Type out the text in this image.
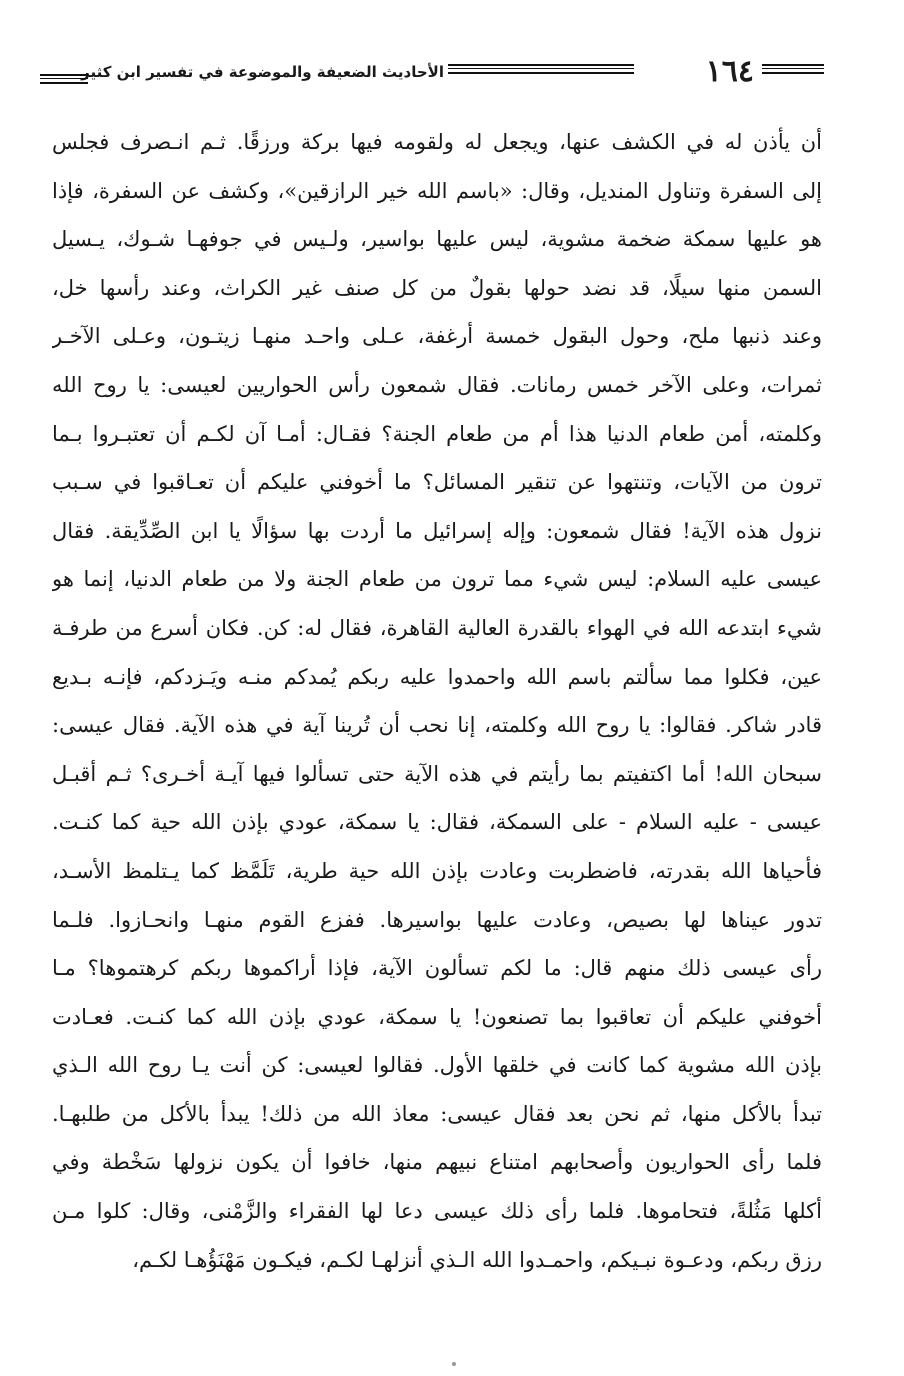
١٦٤
الأحاديث الضعيفة والموضوعة في تفسير ابن كثير
أن يأذن له في الكشف عنها، ويجعل له ولقومه فيها بركة ورزقًا. ثـم انـصرف فجلس
إلى السفرة وتناول المنديل، وقال: «باسم الله خير الرازقين»، وكشف عن السفرة، فإذا
هو عليها سمكة ضخمة مشوية، ليس عليها بواسير، ولـيس في جوفهـا شـوك، يـسيل
السمن منها سيلًا، قد نضد حولها بقولٌ من كل صنف غير الكراث، وعند رأسها خل،
وعند ذنبها ملح، وحول البقول خمسة أرغفة، عـلى واحـد منهـا زيتـون، وعـلى الآخـر
ثمرات، وعلى الآخر خمس رمانات. فقال شمعون رأس الحواريين لعيسى: يا روح الله
وكلمته، أمن طعام الدنيا هذا أم من طعام الجنة؟ فقـال: أمـا آن لكـم أن تعتبـروا بـما
ترون من الآيات، وتنتهوا عن تنقير المسائل؟ ما أخوفني عليكم أن تعـاقبوا في سـبب
نزول هذه الآية! فقال شمعون: وإله إسرائيل ما أردت بها سؤالًا يا ابن الصِّدِّيقة. فقال
عيسى عليه السلام: ليس شيء مما ترون من طعام الجنة ولا من طعام الدنيا، إنما هو
شيء ابتدعه الله في الهواء بالقدرة العالية القاهرة، فقال له: كن. فكان أسرع من طرفـة
عين، فكلوا مما سألتم باسم الله واحمدوا عليه ربكم يُمدكم منـه ويَـزدكم، فإنـه بـديع
قادر شاكر. فقالوا: يا روح الله وكلمته، إنا نحب أن تُرينا آية في هذه الآية. فقال عيسى:
سبحان الله! أما اكتفيتم بما رأيتم في هذه الآية حتى تسألوا فيها آيـة أخـرى؟ ثـم أقبـل
عيسى - عليه السلام - على السمكة، فقال: يا سمكة، عودي بإذن الله حية كما كنـت.
فأحياها الله بقدرته، فاضطربت وعادت بإذن الله حية طرية، تَلَمَّظ كما يـتلمظ الأسـد،
تدور عيناها لها بصيص، وعادت عليها بواسيرها. ففزع القوم منهـا وانحـازوا. فلـما
رأى عيسى ذلك منهم قال: ما لكم تسألون الآية، فإذا أراكموها ربكم كرهتموها؟ مـا
أخوفني عليكم أن تعاقبوا بما تصنعون! يا سمكة، عودي بإذن الله كما كنـت. فعـادت
بإذن الله مشوية كما كانت في خلقها الأول. فقالوا لعيسى: كن أنت يـا روح الله الـذي
تبدأ بالأكل منها، ثم نحن بعد فقال عيسى: معاذ الله من ذلك! يبدأ بالأكل من طلبهـا.
فلما رأى الحواريون وأصحابهم امتناع نبيهم منها، خافوا أن يكون نزولها سَخْطة وفي
أكلها مَثُلةً، فتحاموها. فلما رأى ذلك عيسى دعا لها الفقراء والزَّمْنى، وقال: كلوا مـن
رزق ربكم، ودعـوة نبـيكم، واحمـدوا الله الـذي أنزلهـا لكـم، فيكـون مَهْنَؤُهـا لكـم،
